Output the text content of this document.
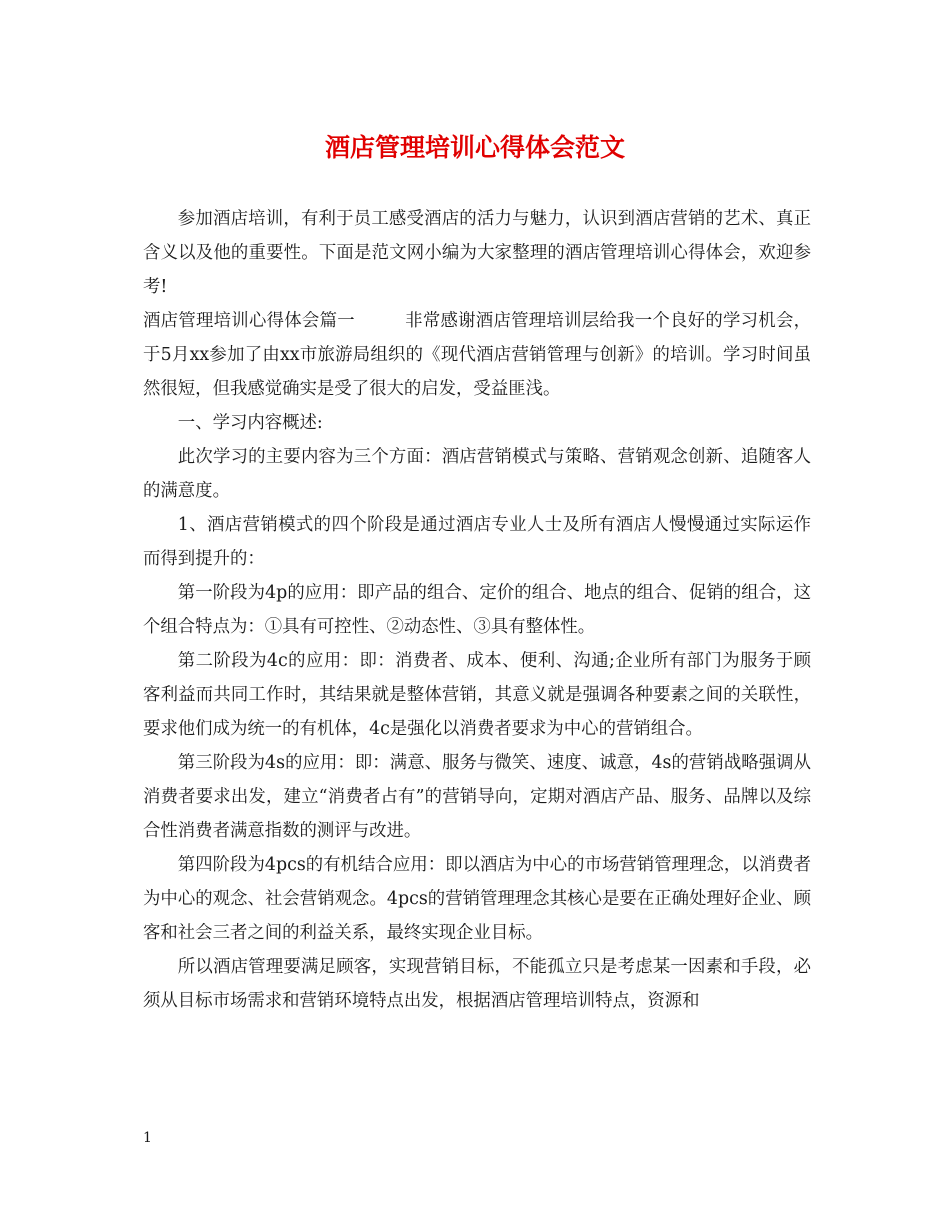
酒店管理培训心得体会范文

参加酒店培训，有利于员工感受酒店的活力与魅力，认识到酒店营销的艺术、真正含义以及他的重要性。下面是范文网小编为大家整理的酒店管理培训心得体会，欢迎参考!

酒店管理培训心得体会篇一	非常感谢酒店管理培训层给我一个良好的学习机会，于5月xx参加了由xx市旅游局组织的《现代酒店营销管理与创新》的培训。学习时间虽然很短，但我感觉确实是受了很大的启发，受益匪浅。

一、学习内容概述:

此次学习的主要内容为三个方面：酒店营销模式与策略、营销观念创新、追随客人的满意度。

1、酒店营销模式的四个阶段是通过酒店专业人士及所有酒店人慢慢通过实际运作而得到提升的：

第一阶段为4p的应用：即产品的组合、定价的组合、地点的组合、促销的组合，这个组合特点为：①具有可控性、②动态性、③具有整体性。

第二阶段为4c的应用：即：消费者、成本、便利、沟通;企业所有部门为服务于顾客利益而共同工作时，其结果就是整体营销，其意义就是强调各种要素之间的关联性，要求他们成为统一的有机体，4c是强化以消费者要求为中心的营销组合。

第三阶段为4s的应用：即：满意、服务与微笑、速度、诚意，4s的营销战略强调从消费者要求出发，建立“消费者占有”的营销导向，定期对酒店产品、服务、品牌以及综合性消费者满意指数的测评与改进。

第四阶段为4pcs的有机结合应用：即以酒店为中心的市场营销管理理念，以消费者为中心的观念、社会营销观念。4pcs的营销管理理念其核心是要在正确处理好企业、顾客和社会三者之间的利益关系，最终实现企业目标。

所以酒店管理要满足顾客，实现营销目标，不能孤立只是考虑某一因素和手段，必须从目标市场需求和营销环境特点出发，根据酒店管理培训特点，资源和

1
